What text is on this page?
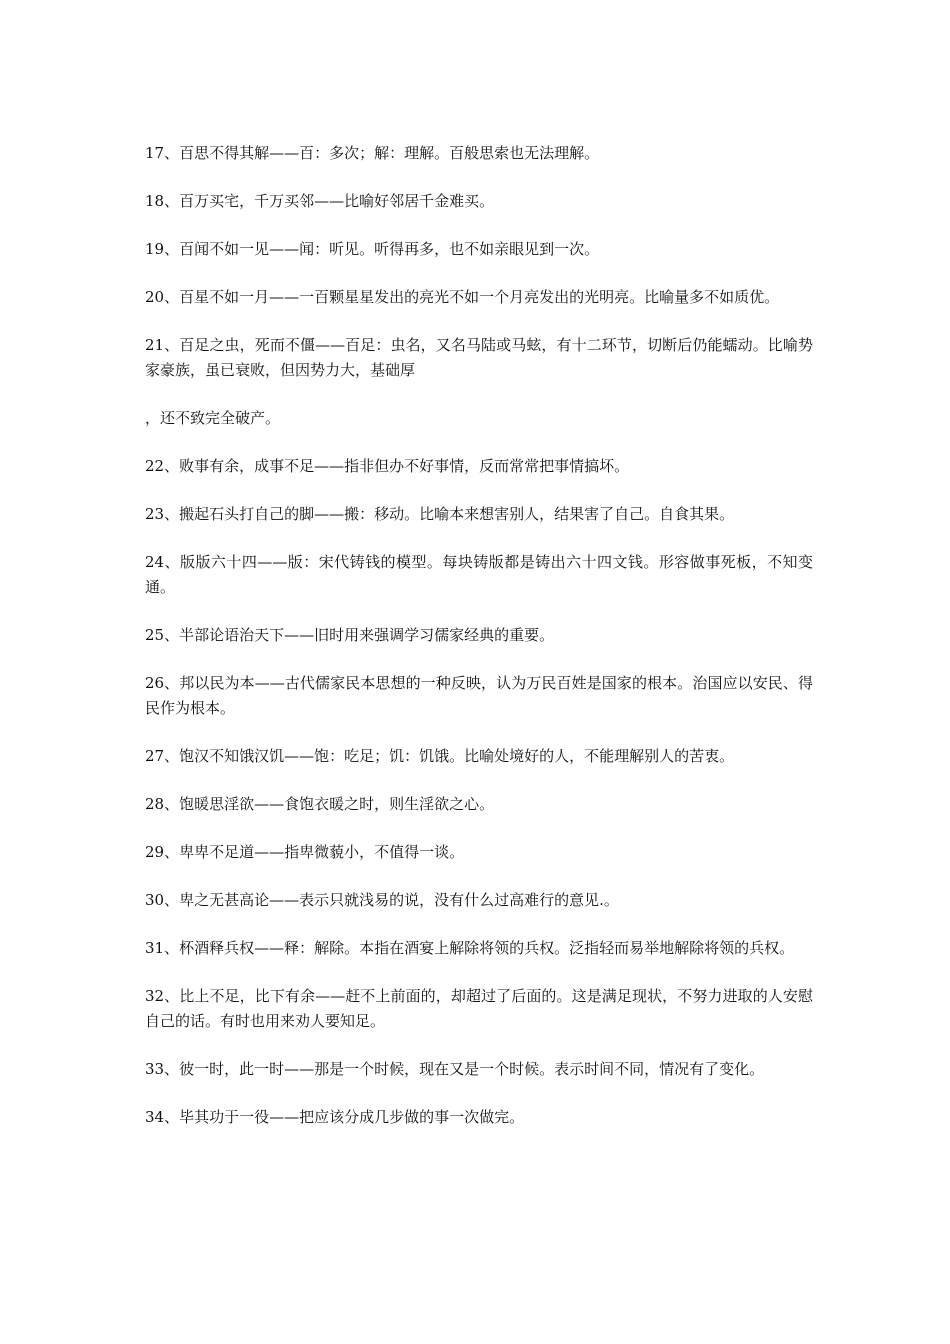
17、百思不得其解——百：多次；解：理解。百般思索也无法理解。

18、百万买宅，千万买邻——比喻好邻居千金难买。

19、百闻不如一见——闻：听见。听得再多，也不如亲眼见到一次。

20、百星不如一月——一百颗星星发出的亮光不如一个月亮发出的光明亮。比喻量多不如质优。

21、百足之虫，死而不僵——百足：虫名，又名马陆或马蚿，有十二环节，切断后仍能蠕动。比喻势家豪族，虽已衰败，但因势力大，基础厚

，还不致完全破产。

22、败事有余，成事不足——指非但办不好事情，反而常常把事情搞坏。

23、搬起石头打自己的脚——搬：移动。比喻本来想害别人，结果害了自己。自食其果。

24、版版六十四——版：宋代铸钱的模型。每块铸版都是铸出六十四文钱。形容做事死板，不知变通。

25、半部论语治天下——旧时用来强调学习儒家经典的重要。

26、邦以民为本——古代儒家民本思想的一种反映，认为万民百姓是国家的根本。治国应以安民、得民作为根本。

27、饱汉不知饿汉饥——饱：吃足；饥：饥饿。比喻处境好的人，不能理解别人的苦衷。

28、饱暖思淫欲——食饱衣暖之时，则生淫欲之心。

29、卑卑不足道——指卑微藐小，不值得一谈。

30、卑之无甚高论——表示只就浅易的说，没有什么过高难行的意见.。

31、杯酒释兵权——释：解除。本指在酒宴上解除将领的兵权。泛指轻而易举地解除将领的兵权。

32、比上不足，比下有余——赶不上前面的，却超过了后面的。这是满足现状，不努力进取的人安慰自己的话。有时也用来劝人要知足。

33、彼一时，此一时——那是一个时候，现在又是一个时候。表示时间不同，情况有了变化。

34、毕其功于一役——把应该分成几步做的事一次做完。
